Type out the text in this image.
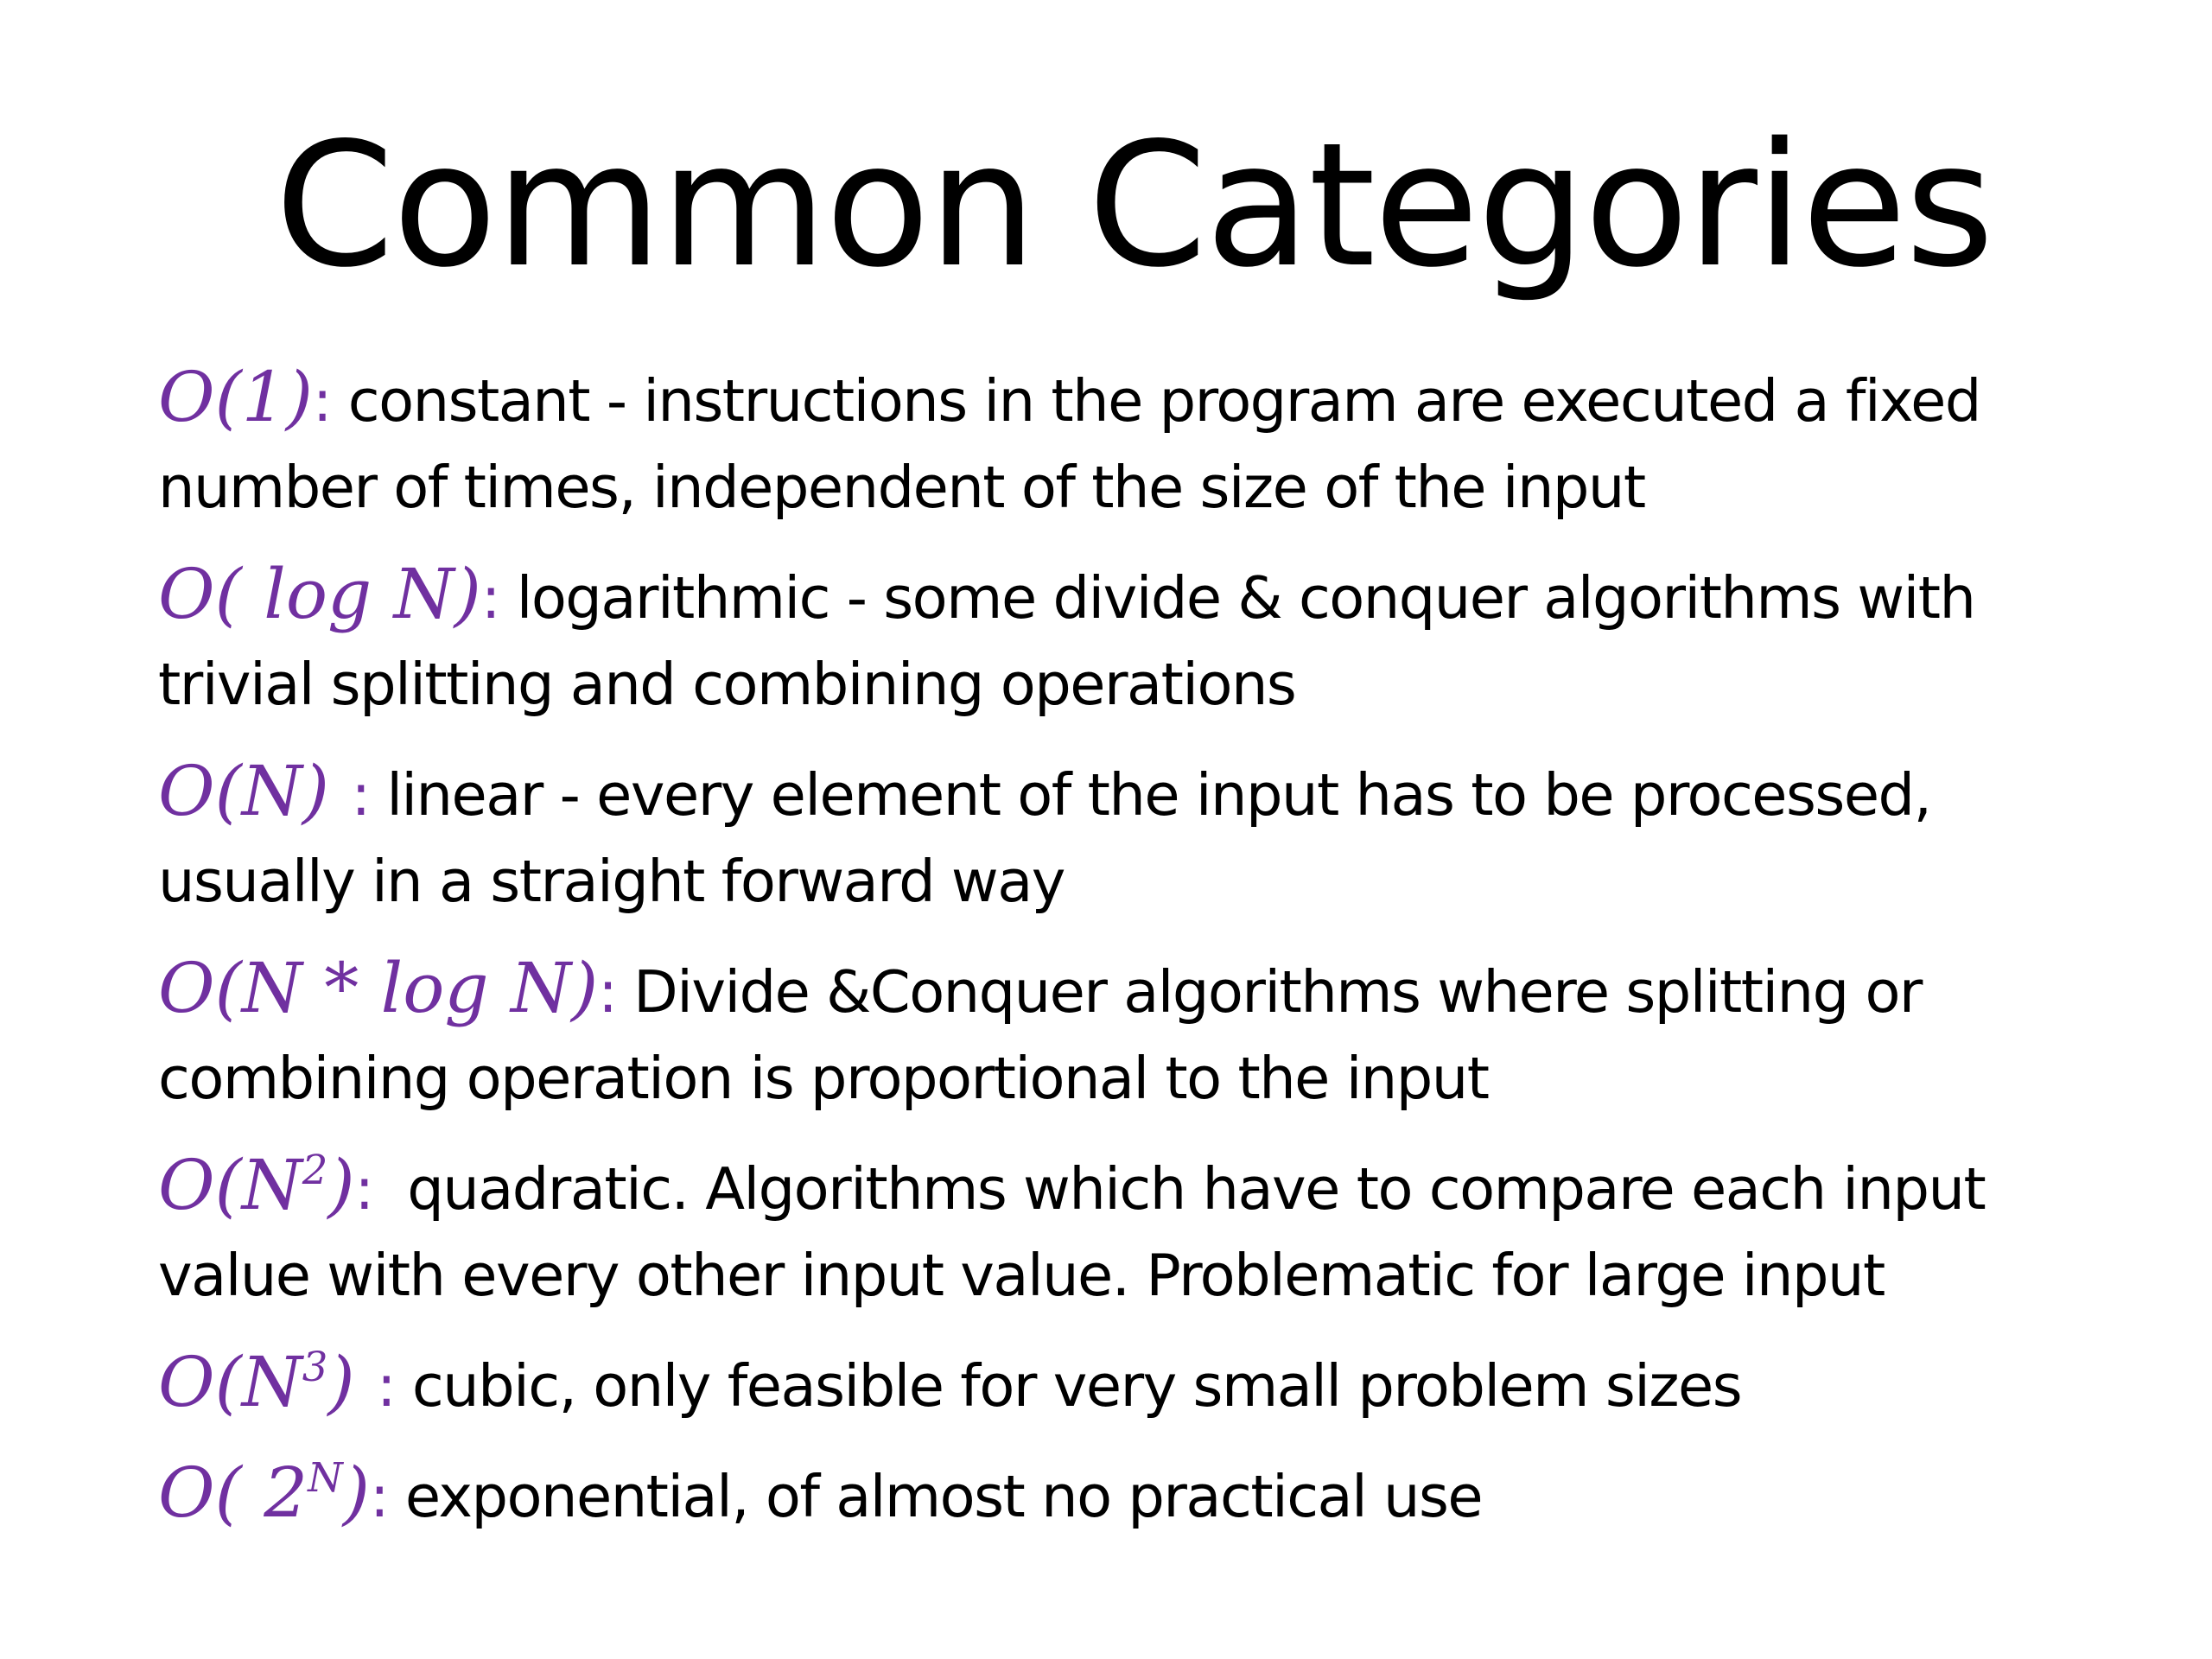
Common Categories
O(1): constant - instructions in the program are executed a fixed number of times, independent of the size of the input
O( log N): logarithmic - some divide & conquer algorithms with trivial splitting and combining operations
O(N) : linear - every element of the input has to be processed, usually in a straight forward way
O(N * log N): Divide &Conquer algorithms where splitting or combining operation is proportional to the input
$O(N^2)$:  quadratic. Algorithms which have to compare each input value with every other input value. Problematic for large input
$O(N^3)$ : cubic, only feasible for very small problem sizes
O( $2^N$): exponential, of almost no practical use
